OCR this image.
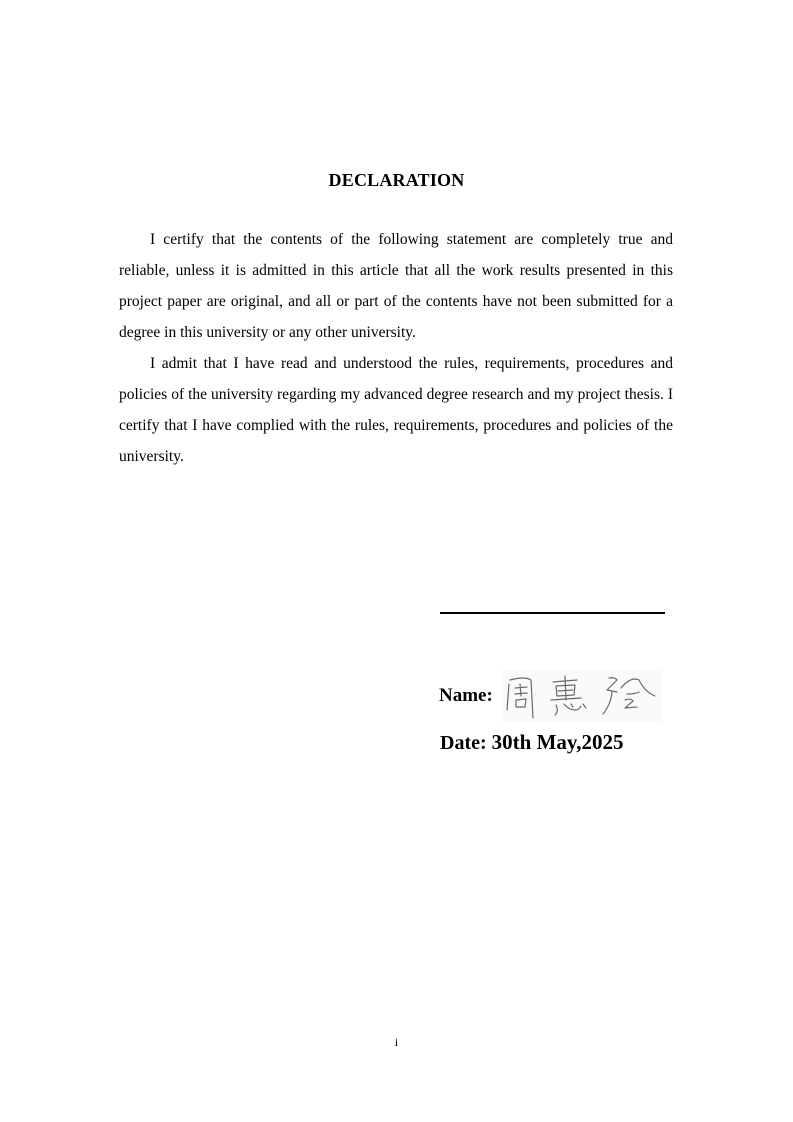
DECLARATION

I certify that the contents of the following statement are completely true and reliable, unless it is admitted in this article that all the work results presented in this project paper are original, and all or part of the contents have not been submitted for a degree in this university or any other university.

I admit that I have read and understood the rules, requirements, procedures and policies of the university regarding my advanced degree research and my project thesis. I certify that I have complied with the rules, requirements, procedures and policies of the university.

Name:
Date: 30th May,2025
i
